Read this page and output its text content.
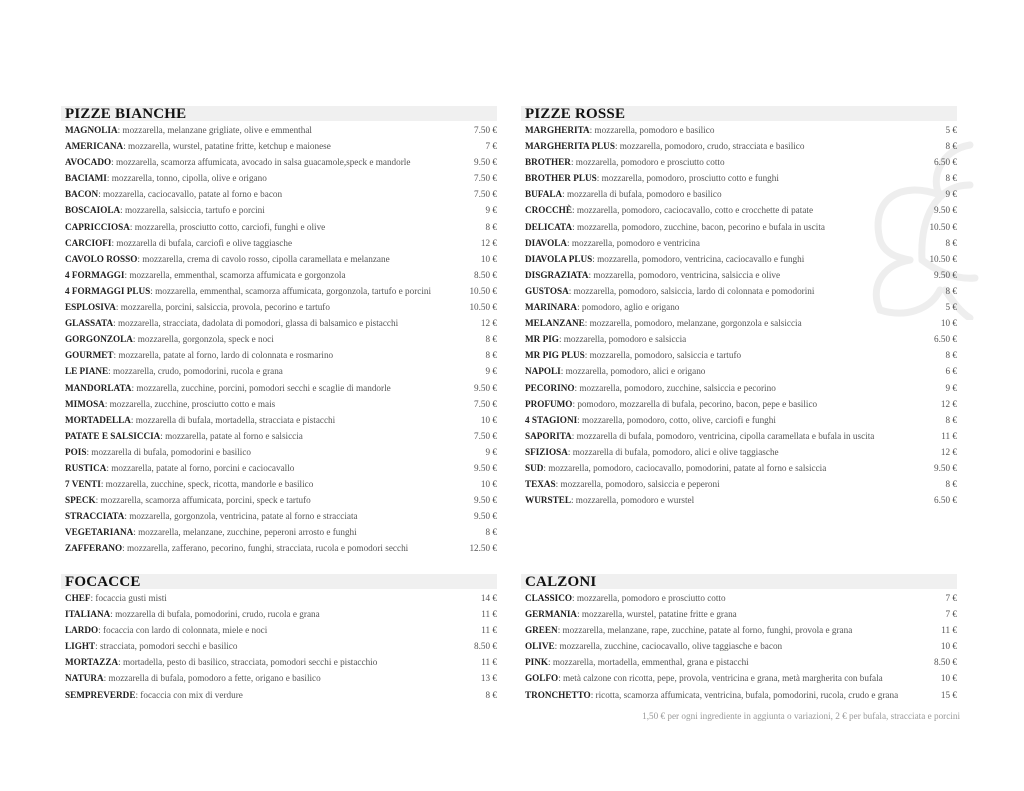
PIZZE BIANCHE
MAGNOLIA: mozzarella, melanzane grigliate, olive e emmenthal	7.50 €
AMERICANA: mozzarella, wurstel, patatine fritte, ketchup e maionese	7 €
AVOCADO: mozzarella, scamorza affumicata, avocado in salsa guacamole,speck e mandorle	9.50 €
BACIAMI: mozzarella, tonno, cipolla, olive e origano	7.50 €
BACON: mozzarella, caciocavallo, patate al forno e bacon	7.50 €
BOSCAIOLA: mozzarella, salsiccia, tartufo e porcini	9 €
CAPRICCIOSA: mozzarella, prosciutto cotto, carciofi, funghi e olive	8 €
CARCIOFI: mozzarella di bufala, carciofi e olive taggiasche	12 €
CAVOLO ROSSO: mozzarella, crema di cavolo rosso, cipolla caramellata e melanzane	10 €
4 FORMAGGI: mozzarella, emmenthal, scamorza affumicata e gorgonzola	8.50 €
4 FORMAGGI PLUS: mozzarella, emmenthal, scamorza affumicata, gorgonzola, tartufo e porcini	10.50 €
ESPLOSIVA: mozzarella, porcini, salsiccia, provola, pecorino e tartufo	10.50 €
GLASSATA: mozzarella, stracciata, dadolata di pomodori, glassa di balsamico e pistacchi	12 €
GORGONZOLA: mozzarella, gorgonzola, speck e noci	8 €
GOURMET: mozzarella, patate al forno, lardo di colonnata e rosmarino	8 €
LE PIANE: mozzarella, crudo, pomodorini, rucola e grana	9 €
MANDORLATA: mozzarella, zucchine, porcini, pomodori secchi e scaglie di mandorle	9.50 €
MIMOSA: mozzarella, zucchine, prosciutto cotto e mais	7.50 €
MORTADELLA: mozzarella di bufala, mortadella, stracciata e pistacchi	10 €
PATATE E SALSICCIA: mozzarella, patate al forno e salsiccia	7.50 €
POIS: mozzarella di bufala, pomodorini e basilico	9 €
RUSTICA: mozzarella, patate al forno, porcini e caciocavallo	9.50 €
7 VENTI: mozzarella, zucchine, speck, ricotta, mandorle e basilico	10 €
SPECK: mozzarella, scamorza affumicata, porcini, speck e tartufo	9.50 €
STRACCIATA: mozzarella, gorgonzola, ventricina, patate al forno e stracciata	9.50 €
VEGETARIANA: mozzarella, melanzane, zucchine, peperoni arrosto e funghi	8 €
ZAFFERANO: mozzarella, zafferano, pecorino, funghi, stracciata, rucola e pomodori secchi	12.50 €
PIZZE ROSSE
MARGHERITA: mozzarella, pomodoro e basilico	5 €
MARGHERITA PLUS: mozzarella, pomodoro, crudo, stracciata e basilico	8 €
BROTHER: mozzarella, pomodoro e prosciutto cotto	6.50 €
BROTHER PLUS: mozzarella, pomodoro, prosciutto cotto e funghi	8 €
BUFALA: mozzarella di bufala, pomodoro e basilico	9 €
CROCCHÈ: mozzarella, pomodoro, caciocavallo, cotto e crocchette di patate	9.50 €
DELICATA: mozzarella, pomodoro, zucchine, bacon, pecorino e bufala in uscita	10.50 €
DIAVOLA: mozzarella, pomodoro e ventricina	8 €
DIAVOLA PLUS: mozzarella, pomodoro, ventricina, caciocavallo e funghi	10.50 €
DISGRAZIATA: mozzarella, pomodoro, ventricina, salsiccia e olive	9.50 €
GUSTOSA: mozzarella, pomodoro, salsiccia, lardo di colonnata e pomodorini	8 €
MARINARA: pomodoro, aglio e origano	5 €
MELANZANE: mozzarella, pomodoro, melanzane, gorgonzola e salsiccia	10 €
MR PIG: mozzarella, pomodoro e salsiccia	6.50 €
MR PIG PLUS: mozzarella, pomodoro, salsiccia e tartufo	8 €
NAPOLI: mozzarella, pomodoro, alici e origano	6 €
PECORINO: mozzarella, pomodoro, zucchine, salsiccia e pecorino	9 €
PROFUMO: pomodoro, mozzarella di bufala, pecorino, bacon, pepe e basilico	12 €
4 STAGIONI: mozzarella, pomodoro, cotto, olive, carciofi e funghi	8 €
SAPORITA: mozzarella di bufala, pomodoro, ventricina, cipolla caramellata e bufala in uscita	11 €
SFIZIOSA: mozzarella di bufala, pomodoro, alici e olive taggiasche	12 €
SUD: mozzarella, pomodoro, caciocavallo, pomodorini, patate al forno e salsiccia	9.50 €
TEXAS: mozzarella, pomodoro, salsiccia e peperoni	8 €
WURSTEL: mozzarella, pomodoro e wurstel	6.50 €
FOCACCE
CHEF: focaccia gusti misti	14 €
ITALIANA: mozzarella di bufala, pomodorini, crudo, rucola e grana	11 €
LARDO: focaccia con lardo di colonnata, miele e noci	11 €
LIGHT: stracciata, pomodori secchi e basilico	8.50 €
MORTAZZA: mortadella, pesto di basilico, stracciata, pomodori secchi e pistacchio	11 €
NATURA: mozzarella di bufala, pomodoro a fette, origano e basilico	13 €
SEMPREVERDE: focaccia con mix di verdure	8 €
CALZONI
CLASSICO: mozzarella, pomodoro e prosciutto cotto	7 €
GERMANIA: mozzarella, wurstel, patatine fritte e grana	7 €
GREEN: mozzarella, melanzane, rape, zucchine, patate al forno, funghi, provola e grana	11 €
OLIVE: mozzarella, zucchine, caciocavallo, olive taggiasche e bacon	10 €
PINK: mozzarella, mortadella, emmenthal, grana e pistacchi	8.50 €
GOLFO: metà calzone con ricotta, pepe, provola, ventricina e grana, metà margherita con bufala	10 €
TRONCHETTO: ricotta, scamorza affumicata, ventricina, bufala, pomodorini, rucola, crudo e grana	15 €
1,50 € per ogni ingrediente in aggiunta o variazioni, 2 € per bufala, stracciata e porcini
